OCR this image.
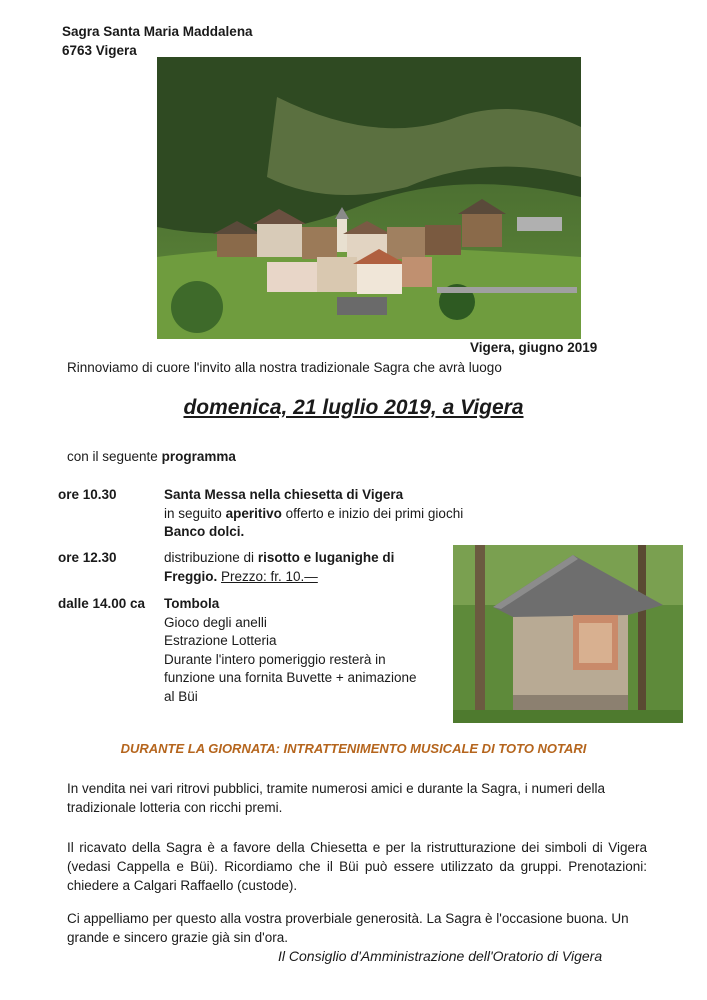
Sagra Santa Maria Maddalena
6763 Vigera
Vigera, giugno 2019
Rinnoviamo di cuore l'invito alla nostra tradizionale Sagra che avrà luogo
domenica, 21 luglio 2019, a Vigera
con il seguente programma
ore 10.30	Santa Messa nella chiesetta di Vigera
in seguito aperitivo offerto e inizio dei primi giochi
Banco dolci.
ore 12.30	distribuzione di risotto e luganighe di
Freggio. Prezzo: fr. 10.—
dalle 14.00 ca Tombola
Gioco degli anelli
Estrazione Lotteria
Durante l'intero pomeriggio resterà in
funzione una fornita Buvette + animazione
al Büi
DURANTE LA GIORNATA: INTRATTENIMENTO MUSICALE DI TOTO NOTARI
In vendita nei vari ritrovi pubblici, tramite numerosi amici e durante la Sagra, i numeri della tradizionale lotteria con ricchi premi.
Il ricavato della Sagra è a favore della Chiesetta e per la ristrutturazione dei simboli di Vigera (vedasi Cappella e Büi). Ricordiamo che il Büi può essere utilizzato da gruppi. Prenotazioni: chiedere a Calgari Raffaello (custode).
Ci appelliamo per questo alla vostra proverbiale generosità. La Sagra è l'occasione buona. Un grande e sincero grazie già sin d'ora.
Il Consiglio d'Amministrazione dell'Oratorio di Vigera
